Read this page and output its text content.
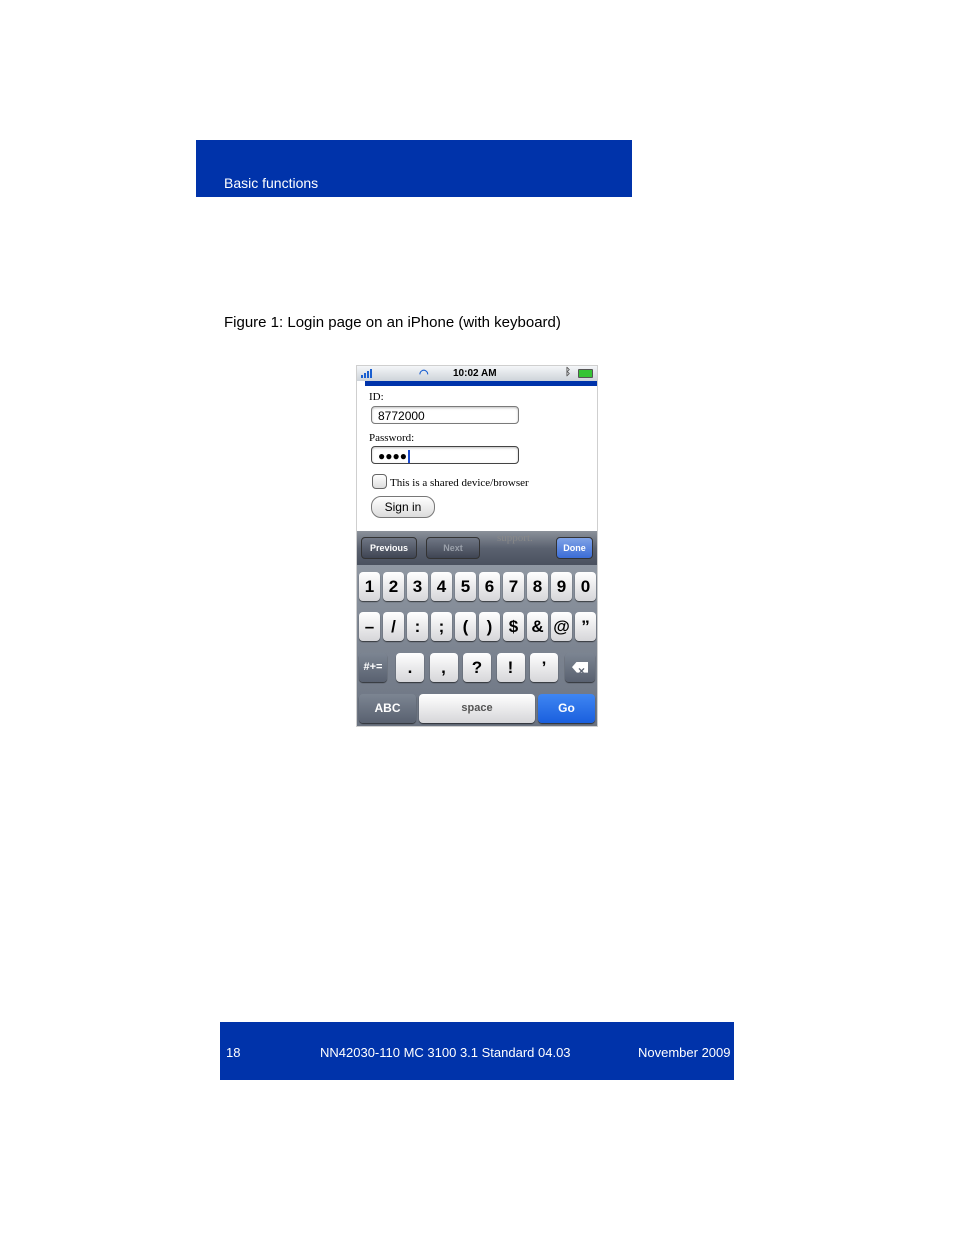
Basic functions
Figure 1: Login page on an iPhone (with keyboard)
◠ 10:02 AM	ᛒ
ID:
8772000
Password:
●●●●
This is a shared device/browser
Sign in
Previous	Next	Done
support.
1 2 3 4 5 6 7 8 9 0
– /	:	;	(	) $ & @ ”
#+=	.	,	?	!	’
×
ABC	space	Go
18	NN42030-110 MC 3100 3.1 Standard 04.03	November 2009
